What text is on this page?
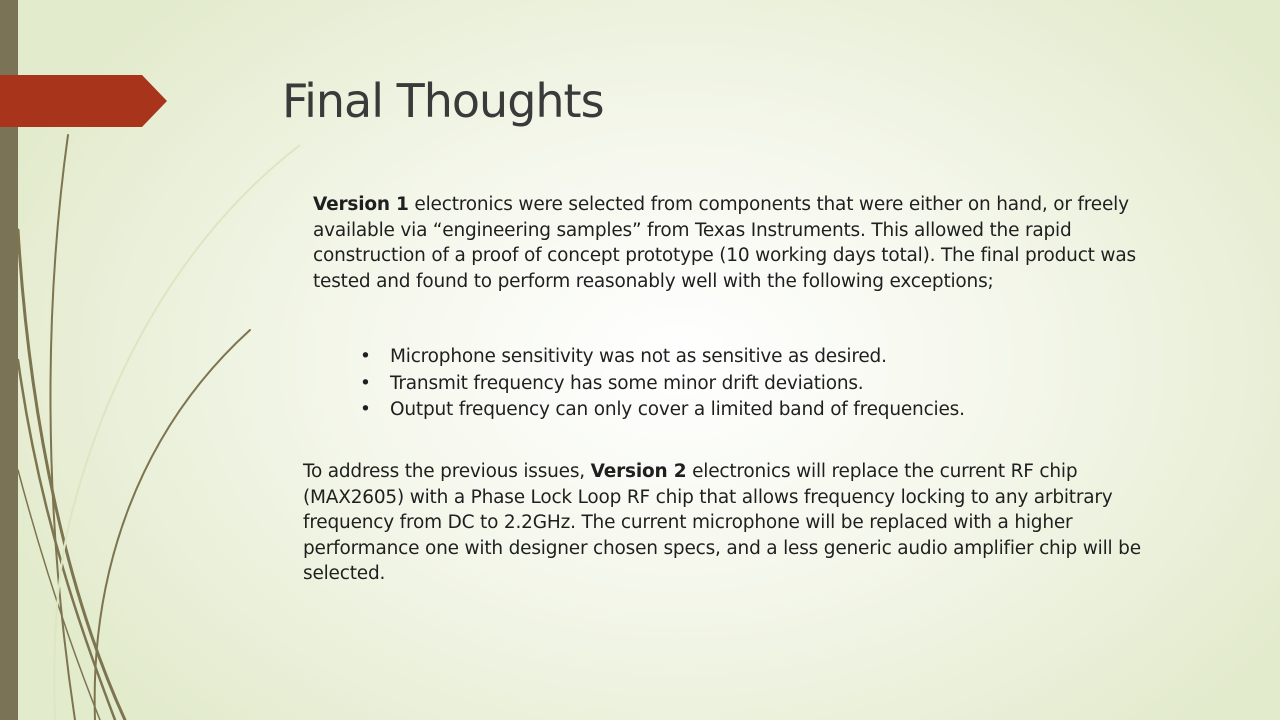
Final Thoughts

Version 1 electronics were selected from components that were either on hand, or freely available via “engineering samples” from Texas Instruments. This allowed the rapid construction of a proof of concept prototype (10 working days total). The final product was tested and found to perform reasonably well with the following exceptions;

• Microphone sensitivity was not as sensitive as desired.
• Transmit frequency has some minor drift deviations.
• Output frequency can only cover a limited band of frequencies.

To address the previous issues, Version 2 electronics will replace the current RF chip (MAX2605) with a Phase Lock Loop RF chip that allows frequency locking to any arbitrary frequency from DC to 2.2GHz. The current microphone will be replaced with a higher performance one with designer chosen specs, and a less generic audio amplifier chip will be selected.
